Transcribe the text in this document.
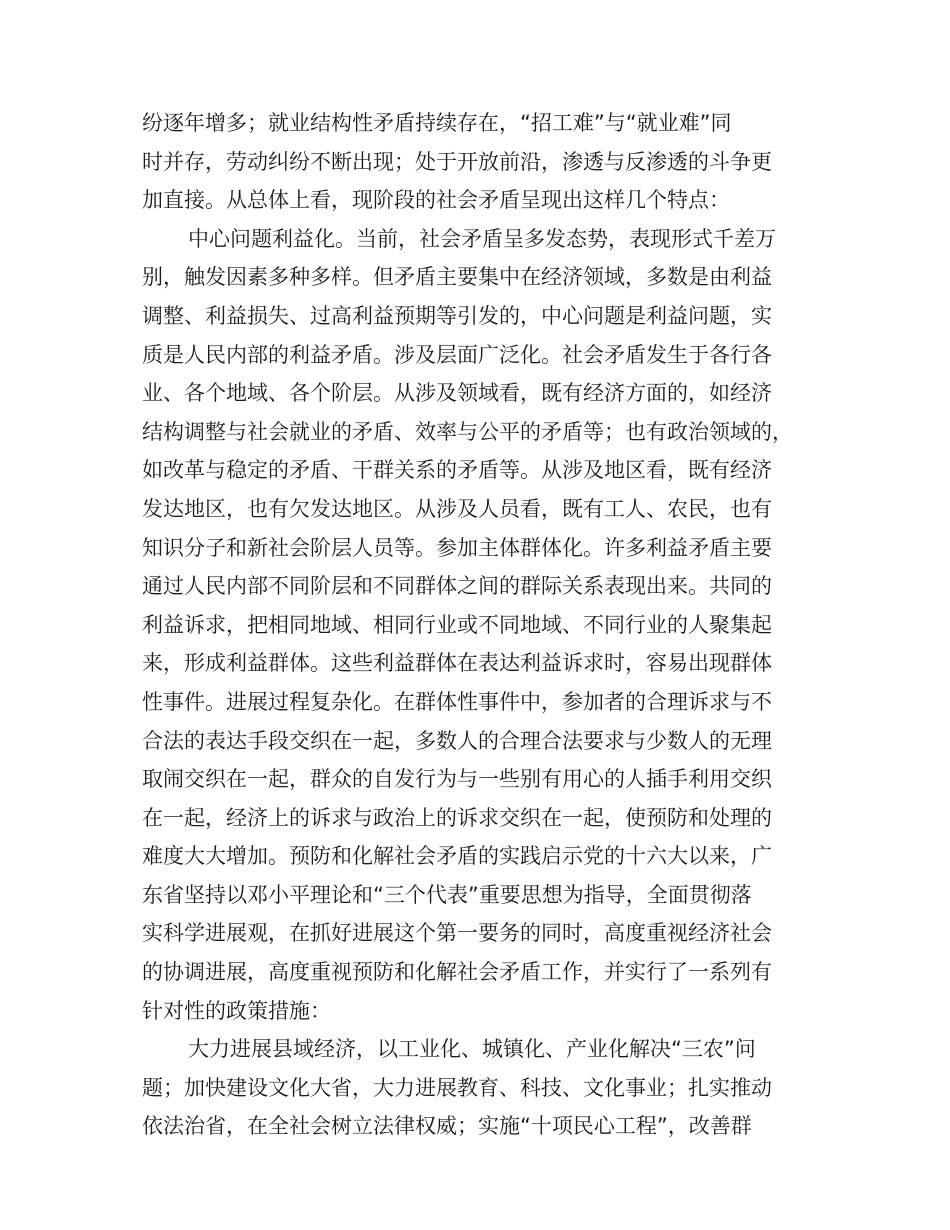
纷逐年增多；就业结构性矛盾持续存在，“招工难”与“就业难”同
时并存，劳动纠纷不断出现；处于开放前沿，渗透与反渗透的斗争更
加直接。从总体上看，现阶段的社会矛盾呈现出这样几个特点：
中心问题利益化。当前，社会矛盾呈多发态势，表现形式千差万
别，触发因素多种多样。但矛盾主要集中在经济领域，多数是由利益
调整、利益损失、过高利益预期等引发的，中心问题是利益问题，实
质是人民内部的利益矛盾。涉及层面广泛化。社会矛盾发生于各行各
业、各个地域、各个阶层。从涉及领域看，既有经济方面的，如经济
结构调整与社会就业的矛盾、效率与公平的矛盾等；也有政治领域的，
如改革与稳定的矛盾、干群关系的矛盾等。从涉及地区看，既有经济
发达地区，也有欠发达地区。从涉及人员看，既有工人、农民，也有
知识分子和新社会阶层人员等。参加主体群体化。许多利益矛盾主要
通过人民内部不同阶层和不同群体之间的群际关系表现出来。共同的
利益诉求，把相同地域、相同行业或不同地域、不同行业的人聚集起
来，形成利益群体。这些利益群体在表达利益诉求时，容易出现群体
性事件。进展过程复杂化。在群体性事件中，参加者的合理诉求与不
合法的表达手段交织在一起，多数人的合理合法要求与少数人的无理
取闹交织在一起，群众的自发行为与一些别有用心的人插手利用交织
在一起，经济上的诉求与政治上的诉求交织在一起，使预防和处理的
难度大大增加。预防和化解社会矛盾的实践启示党的十六大以来，广
东省坚持以邓小平理论和“三个代表”重要思想为指导，全面贯彻落
实科学进展观，在抓好进展这个第一要务的同时，高度重视经济社会
的协调进展，高度重视预防和化解社会矛盾工作，并实行了一系列有
针对性的政策措施：
大力进展县域经济，以工业化、城镇化、产业化解决“三农”问
题；加快建设文化大省，大力进展教育、科技、文化事业；扎实推动
依法治省，在全社会树立法律权威；实施“十项民心工程”，改善群
